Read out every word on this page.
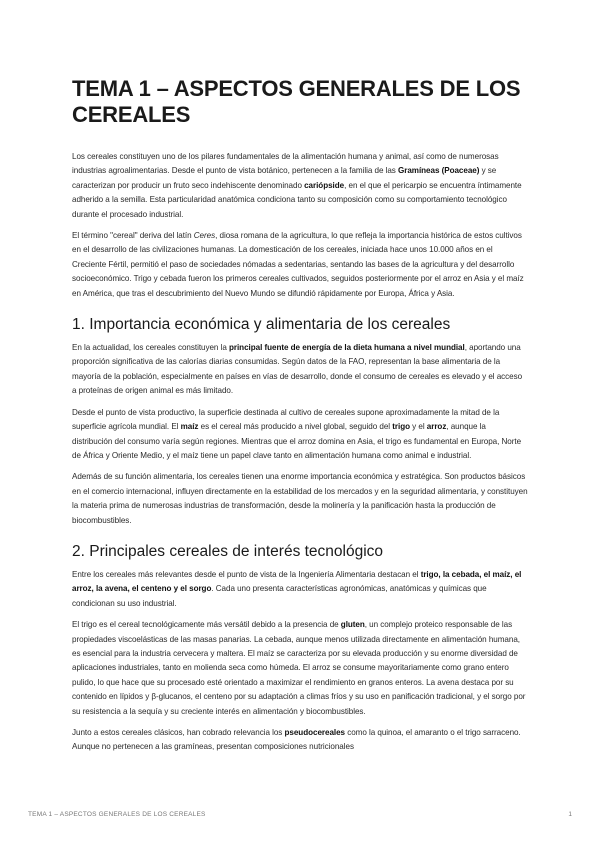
TEMA 1 – ASPECTOS GENERALES DE LOS CEREALES

Los cereales constituyen uno de los pilares fundamentales de la alimentación humana y animal, así como de numerosas industrias agroalimentarias. Desde el punto de vista botánico, pertenecen a la familia de las Gramíneas (Poaceae) y se caracterizan por producir un fruto seco indehiscente denominado cariópside, en el que el pericarpio se encuentra íntimamente adherido a la semilla. Esta particularidad anatómica condiciona tanto su composición como su comportamiento tecnológico durante el procesado industrial.

El término "cereal" deriva del latín Ceres, diosa romana de la agricultura, lo que refleja la importancia histórica de estos cultivos en el desarrollo de las civilizaciones humanas. La domesticación de los cereales, iniciada hace unos 10.000 años en el Creciente Fértil, permitió el paso de sociedades nómadas a sedentarias, sentando las bases de la agricultura y del desarrollo socioeconómico. Trigo y cebada fueron los primeros cereales cultivados, seguidos posteriormente por el arroz en Asia y el maíz en América, que tras el descubrimiento del Nuevo Mundo se difundió rápidamente por Europa, África y Asia.

1. Importancia económica y alimentaria de los cereales

En la actualidad, los cereales constituyen la principal fuente de energía de la dieta humana a nivel mundial, aportando una proporción significativa de las calorías diarias consumidas. Según datos de la FAO, representan la base alimentaria de la mayoría de la población, especialmente en países en vías de desarrollo, donde el consumo de cereales es elevado y el acceso a proteínas de origen animal es más limitado.

Desde el punto de vista productivo, la superficie destinada al cultivo de cereales supone aproximadamente la mitad de la superficie agrícola mundial. El maíz es el cereal más producido a nivel global, seguido del trigo y el arroz, aunque la distribución del consumo varía según regiones. Mientras que el arroz domina en Asia, el trigo es fundamental en Europa, Norte de África y Oriente Medio, y el maíz tiene un papel clave tanto en alimentación humana como animal e industrial.

Además de su función alimentaria, los cereales tienen una enorme importancia económica y estratégica. Son productos básicos en el comercio internacional, influyen directamente en la estabilidad de los mercados y en la seguridad alimentaria, y constituyen la materia prima de numerosas industrias de transformación, desde la molinería y la panificación hasta la producción de biocombustibles.

2. Principales cereales de interés tecnológico

Entre los cereales más relevantes desde el punto de vista de la Ingeniería Alimentaria destacan el trigo, la cebada, el maíz, el arroz, la avena, el centeno y el sorgo. Cada uno presenta características agronómicas, anatómicas y químicas que condicionan su uso industrial.

El trigo es el cereal tecnológicamente más versátil debido a la presencia de gluten, un complejo proteico responsable de las propiedades viscoelásticas de las masas panarias. La cebada, aunque menos utilizada directamente en alimentación humana, es esencial para la industria cervecera y maltera. El maíz se caracteriza por su elevada producción y su enorme diversidad de aplicaciones industriales, tanto en molienda seca como húmeda. El arroz se consume mayoritariamente como grano entero pulido, lo que hace que su procesado esté orientado a maximizar el rendimiento en granos enteros. La avena destaca por su contenido en lípidos y β-glucanos, el centeno por su adaptación a climas fríos y su uso en panificación tradicional, y el sorgo por su resistencia a la sequía y su creciente interés en alimentación y biocombustibles.

Junto a estos cereales clásicos, han cobrado relevancia los pseudocereales como la quinoa, el amaranto o el trigo sarraceno. Aunque no pertenecen a las gramíneas, presentan composiciones nutricionales

TEMA 1 – ASPECTOS GENERALES DE LOS CEREALES	1
